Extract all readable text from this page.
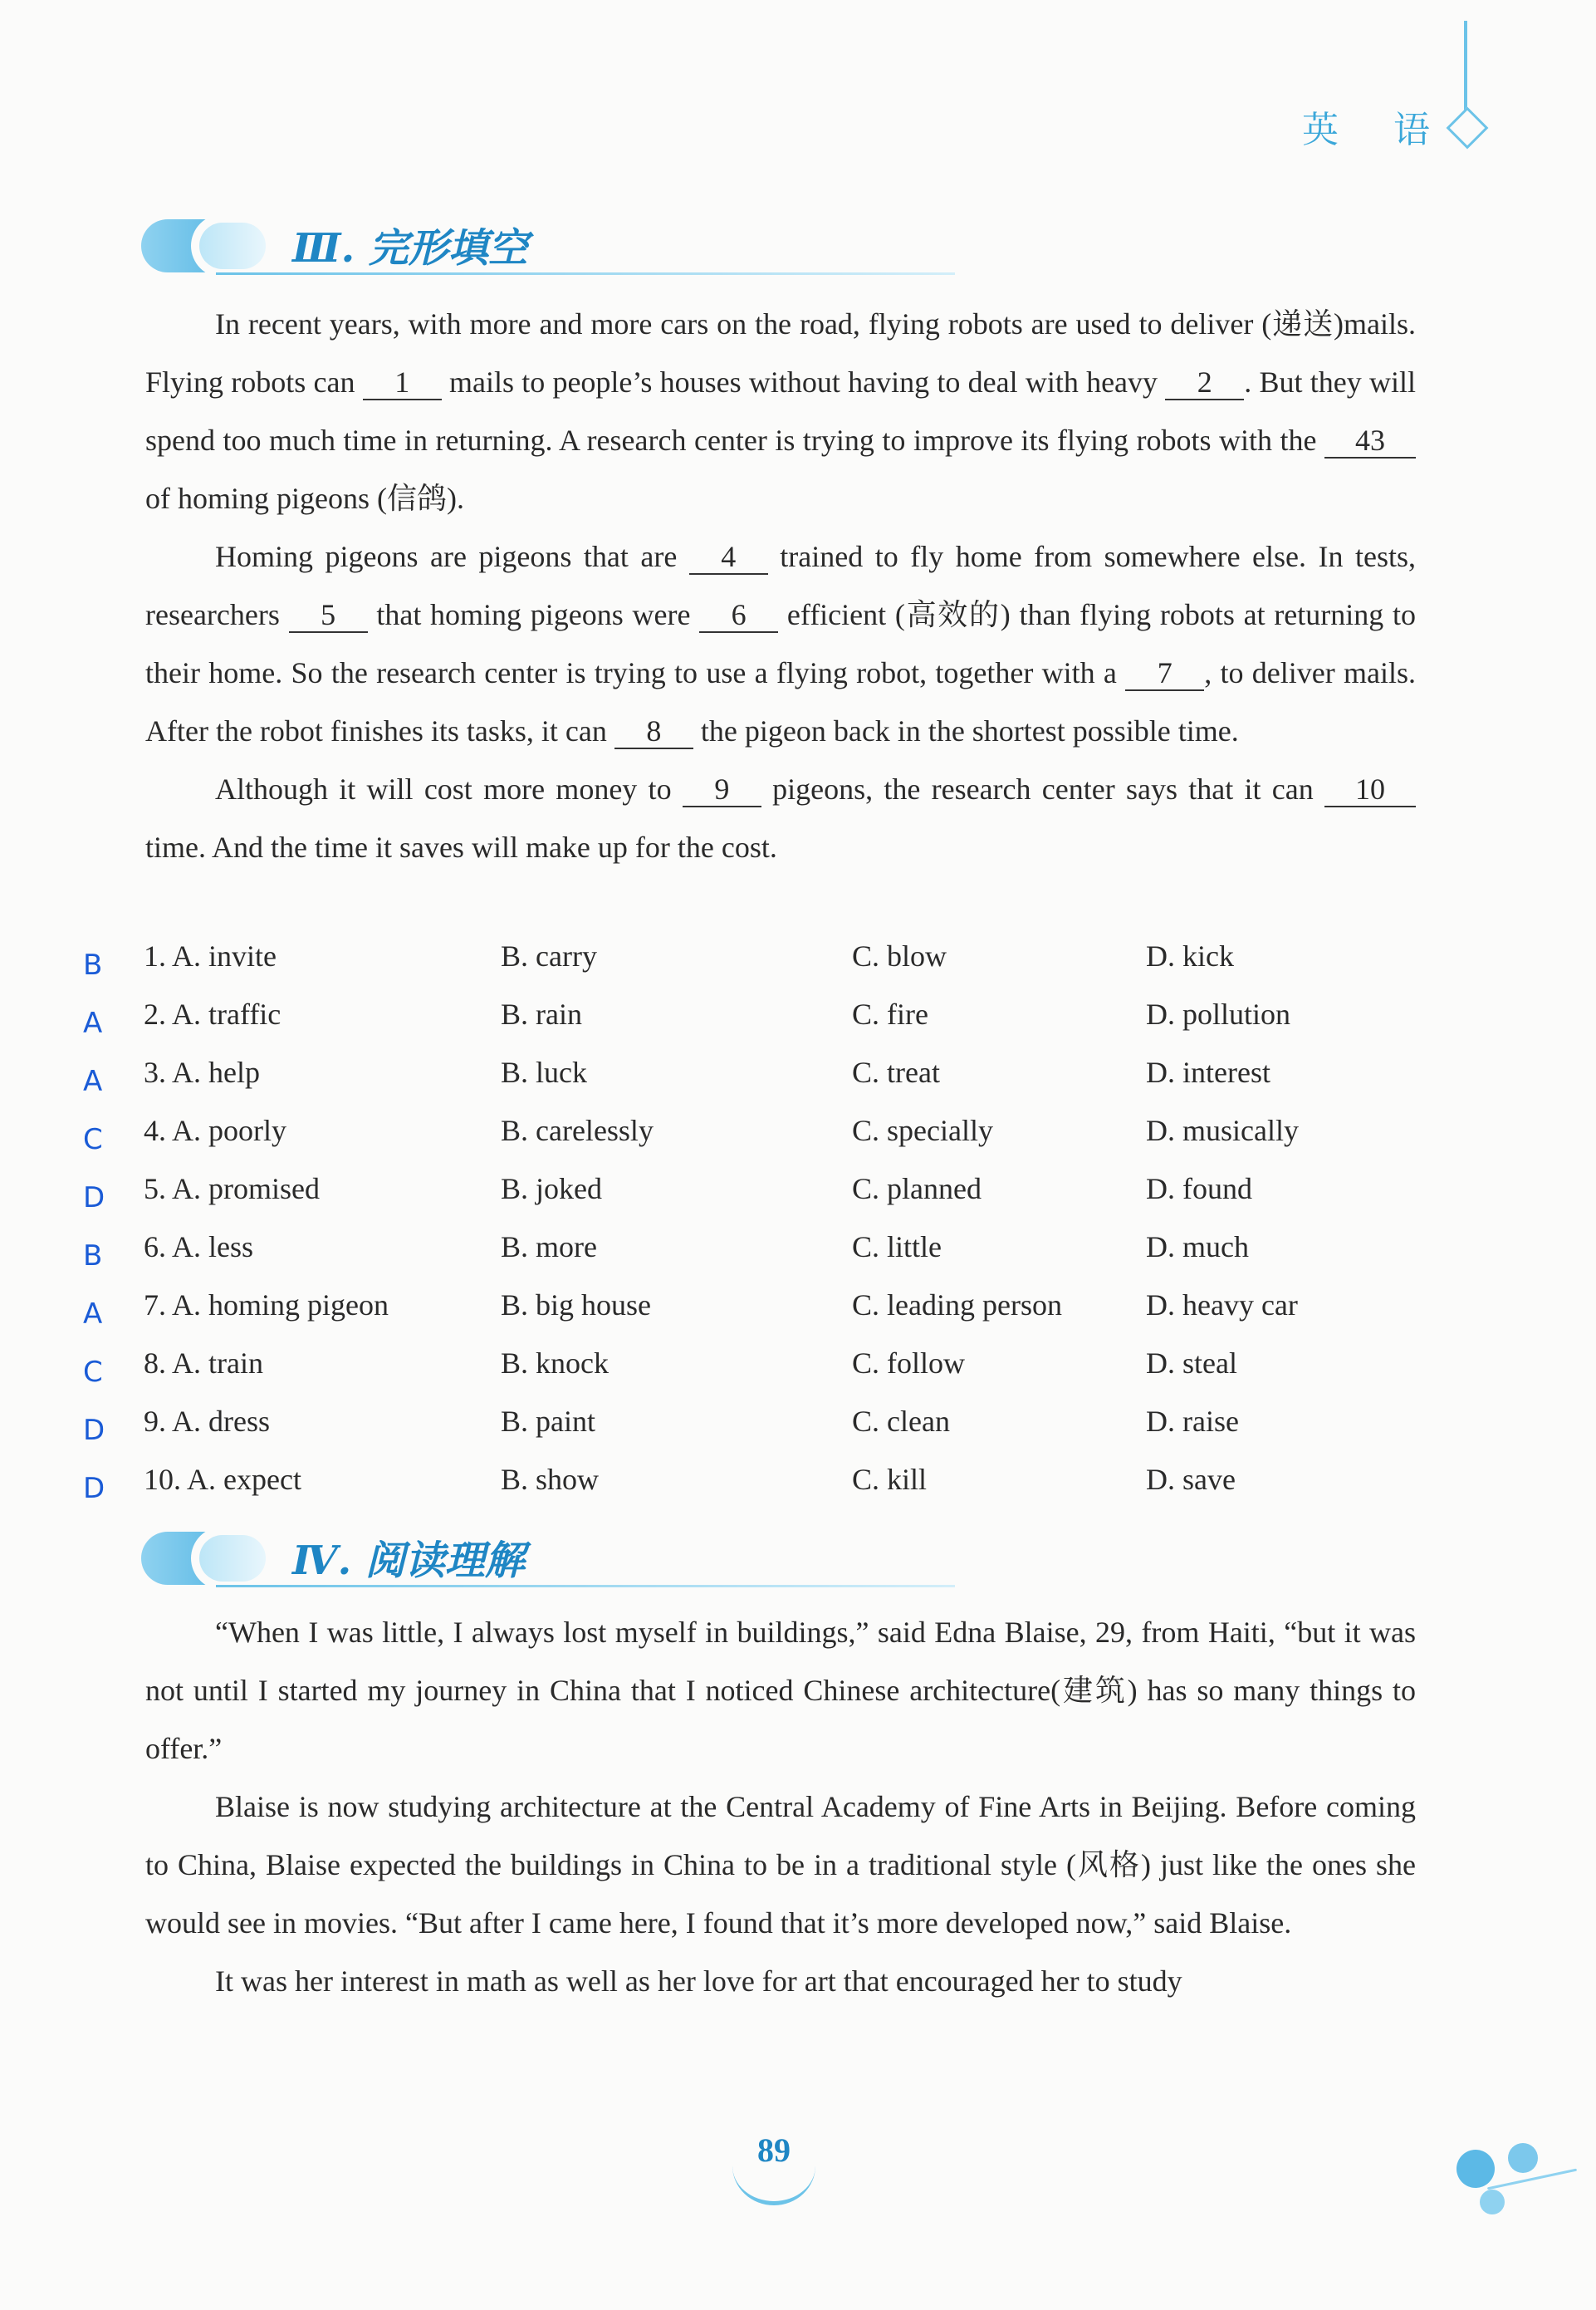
英 语
Ⅲ. 完形填空

In recent years, with more and more cars on the road, flying robots are used to deliver (递送)mails. Flying robots can 1 mails to people’s houses without having to deal with heavy 2 . But they will spend too much time in returning. A research center is trying to improve its flying robots with the 43 of homing pigeons (信鸽).

Homing pigeons are pigeons that are 4 trained to fly home from somewhere else. In tests, researchers 5 that homing pigeons were 6 efficient (高效的) than flying robots at returning to their home. So the research center is trying to use a flying robot, together with a 7 , to deliver mails. After the robot finishes its tasks, it can 8 the pigeon back in the shortest possible time.

Although it will cost more money to 9 pigeons, the research center says that it can 10 time. And the time it saves will make up for the cost.

B	1. A. invite	B. carry	C. blow	D. kick
A	2. A. traffic	B. rain	C. fire	D. pollution
A	3. A. help	B. luck	C. treat	D. interest
C	4. A. poorly	B. carelessly	C. specially	D. musically
D	5. A. promised	B. joked	C. planned	D. found
B	6. A. less	B. more	C. little	D. much
A	7. A. homing pigeon	B. big house	C. leading person	D. heavy car
C	8. A. train	B. knock	C. follow	D. steal
D	9. A. dress	B. paint	C. clean	D. raise
D	10. A. expect	B. show	C. kill	D. save
Ⅳ. 阅读理解

“When I was little, I always lost myself in buildings,” said Edna Blaise, 29, from Haiti, “but it was not until I started my journey in China that I noticed Chinese architecture(建筑) has so many things to offer.”

Blaise is now studying architecture at the Central Academy of Fine Arts in Beijing. Before coming to China, Blaise expected the buildings in China to be in a traditional style (风格) just like the ones she would see in movies. “But after I came here, I found that it’s more developed now,” said Blaise.

It was her interest in math as well as her love for art that encouraged her to study

89
